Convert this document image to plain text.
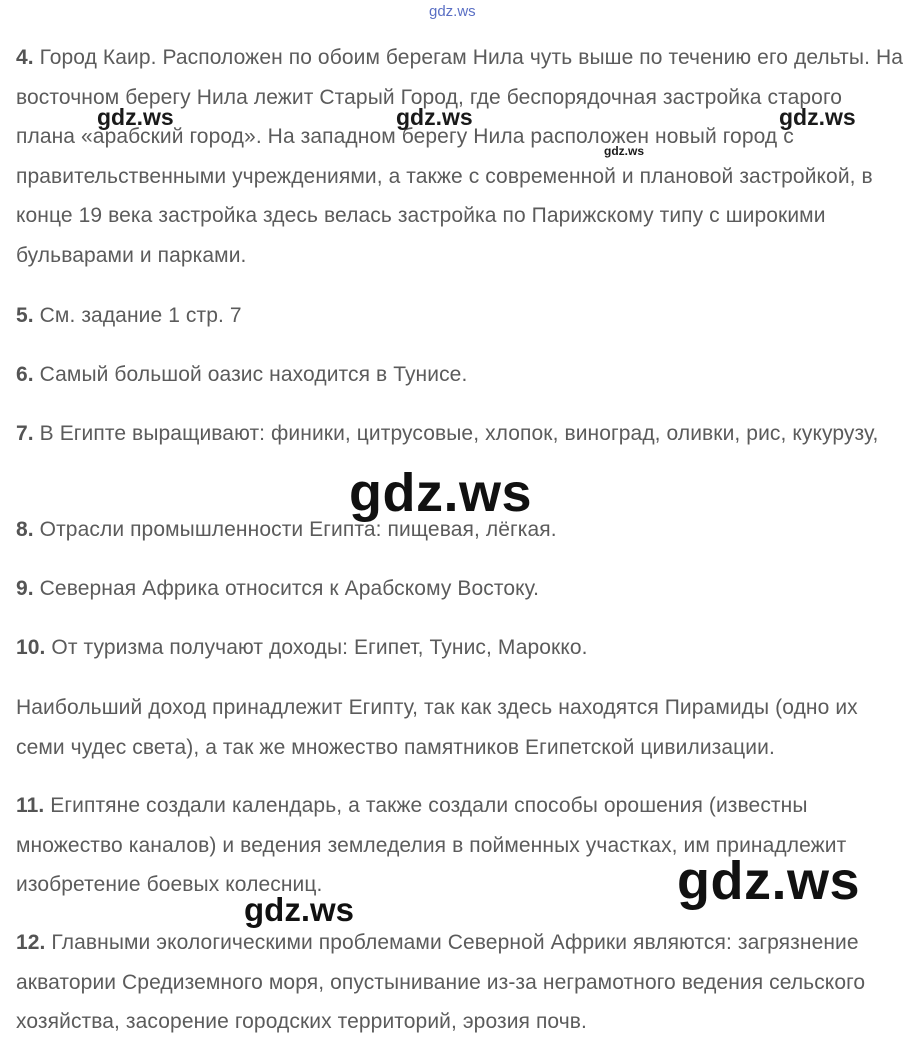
gdz.ws

4. Город Каир. Расположен по обоим берегам Нила чуть выше по течению его дельты. На восточном берегу Нила лежит Старый Город, где беспорядочная застройка старого плана «арабский город». На западном берегу Нила расположен новый город с правительственными учреждениями, а также с современной и плановой застройкой, в конце 19 века застройка здесь велась застройка по Парижскому типу с широкими бульварами и парками.

5. См. задание 1 стр. 7

6. Самый большой оазис находится в Тунисе.

7. В Египте выращивают: финики, цитрусовые, хлопок, виноград, оливки, рис, кукурузу,

8. Отрасли промышленности Египта: пищевая, лёгкая.

9. Северная Африка относится к Арабскому Востоку.

10. От туризма получают доходы: Египет, Тунис, Марокко.

Наибольший доход принадлежит Египту, так как здесь находятся Пирамиды (одно их семи чудес света), а так же множество памятников Египетской цивилизации.

11. Египтяне создали календарь, а также создали способы орошения (известны множество каналов) и ведения земледелия в пойменных участках, им принадлежит изобретение боевых колесниц.

12. Главными экологическими проблемами Северной Африки являются: загрязнение акватории Средиземного моря, опустынивание из-за неграмотного ведения сельского хозяйства, засорение городских территорий, эрозия почв.

gdz.ws	gdz.ws	gdz.ws
gdz.ws
gdz.ws
gdz.ws
gdz.ws
